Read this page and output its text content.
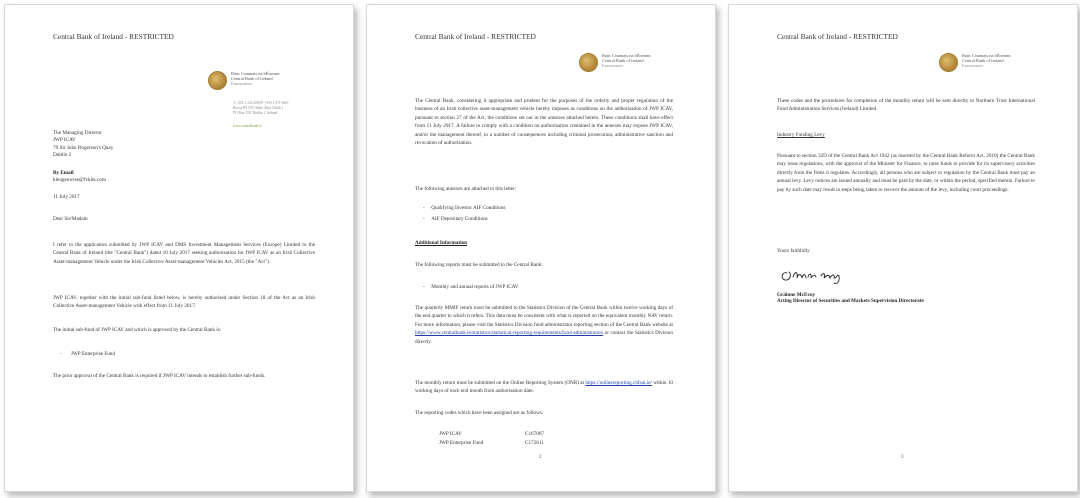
Central Bank of Ireland - RESTRICTED
Banc Ceannais na hÉireann
Central Bank of Ireland
Eurosystem
T +353 1 224 6000 F +353 1 671 6561
Bosca PO 559, Baile Átha Cliath 1
PO Box 559, Dublin 1, Ireland
www.centralbank.ie
The Managing Director
JWP ICAV
79 Sir John Rogerson's Quay
Dublin 2
By Email
kleugenwise@fvkhk.com
11 July 2017
Dear Sir/Madam
I refer to the application submitted by JWP ICAV and DMS Investment Management Services (Europe) Limited to the Central Bank of Ireland (the "Central Bank") dated 10 July 2017 seeking authorisation for JWP ICAV as an Irish Collective Asset-management Vehicle under the Irish Collective Asset-management Vehicles Act, 2015 (the "Act").
JWP ICAV, together with the initial sub-fund listed below, is hereby authorised under Section 18 of the Act as an Irish Collective Asset-management Vehicle with effect from 11 July 2017.
The initial sub-fund of JWP ICAV and which is approved by the Central Bank is:
-       JWP Enterprise Fund
The prior approval of the Central Bank is required if JWP ICAV intends to establish further sub-funds.
Central Bank of Ireland - RESTRICTED
Banc Ceannais na hÉireann
Central Bank of Ireland
Eurosystem
The Central Bank, considering it appropriate and prudent for the purposes of the orderly and proper regulation of the business of an Irish collective asset-management vehicle hereby imposes as conditions on the authorisation of JWP ICAV, pursuant to section 27 of the Act, the conditions set out in the annexes attached hereto. These conditions shall have effect from 11 July 2017. A failure to comply with a condition on authorisation contained in the annexes may expose JWP ICAV, and/or the management thereof, to a number of consequences including criminal prosecution, administrative sanction and revocation of authorisation.
The following annexes are attached to this letter:
-     Qualifying Investor AIF Conditions
-     AIF Depositary Conditions
Additional Information
The following reports must be submitted to the Central Bank:
-     Monthly and annual reports of JWP ICAV
The quarterly MMIF return must be submitted to the Statistics Division of the Central Bank within twelve working days of the end quarter to which it refers. This data must be consistent with what is reported on the equivalent monthly NAV return. For more information, please visit the Statistics Division fund administrator reporting section of the Central Bank website at https://www.centralbank.ie/statistics/statistical-reporting-requirements/fund-administrators or contact the Statistics Division directly.
The monthly return must be submitted on the Online Reporting System (ONR) at https://onlinereporting.cbfsai.ie/ within 10 working days of each end month from authorisation date.
The reporting codes which have been assigned are as follows:
JWP ICAV	C167067
JWP Enterprise Fund	C172811
2
Central Bank of Ireland - RESTRICTED
Banc Ceannais na hÉireann
Central Bank of Ireland
Eurosystem
These codes and the procedures for completion of the monthly return will be sent directly to Northern Trust International Fund Administration Services (Ireland) Limited.
Industry Funding Levy
Pursuant to section 32D of the Central Bank Act 1942 (as inserted by the Central Bank Reform Act, 2010) the Central Bank may issue regulations, with the approval of the Minister for Finance, to raise funds to provide for its supervisory activities directly from the firms it regulates. Accordingly, all persons who are subject to regulation by the Central Bank must pay an annual levy. Levy notices are issued annually and must be paid by the date, or within the period, specified therein. Failure to pay by such date may result in steps being taken to recover the amount of the levy, including court proceedings.
Yours faithfully
Gráinne McEvoy
Acting Director of Securities and Markets Supervision Directorate
3
